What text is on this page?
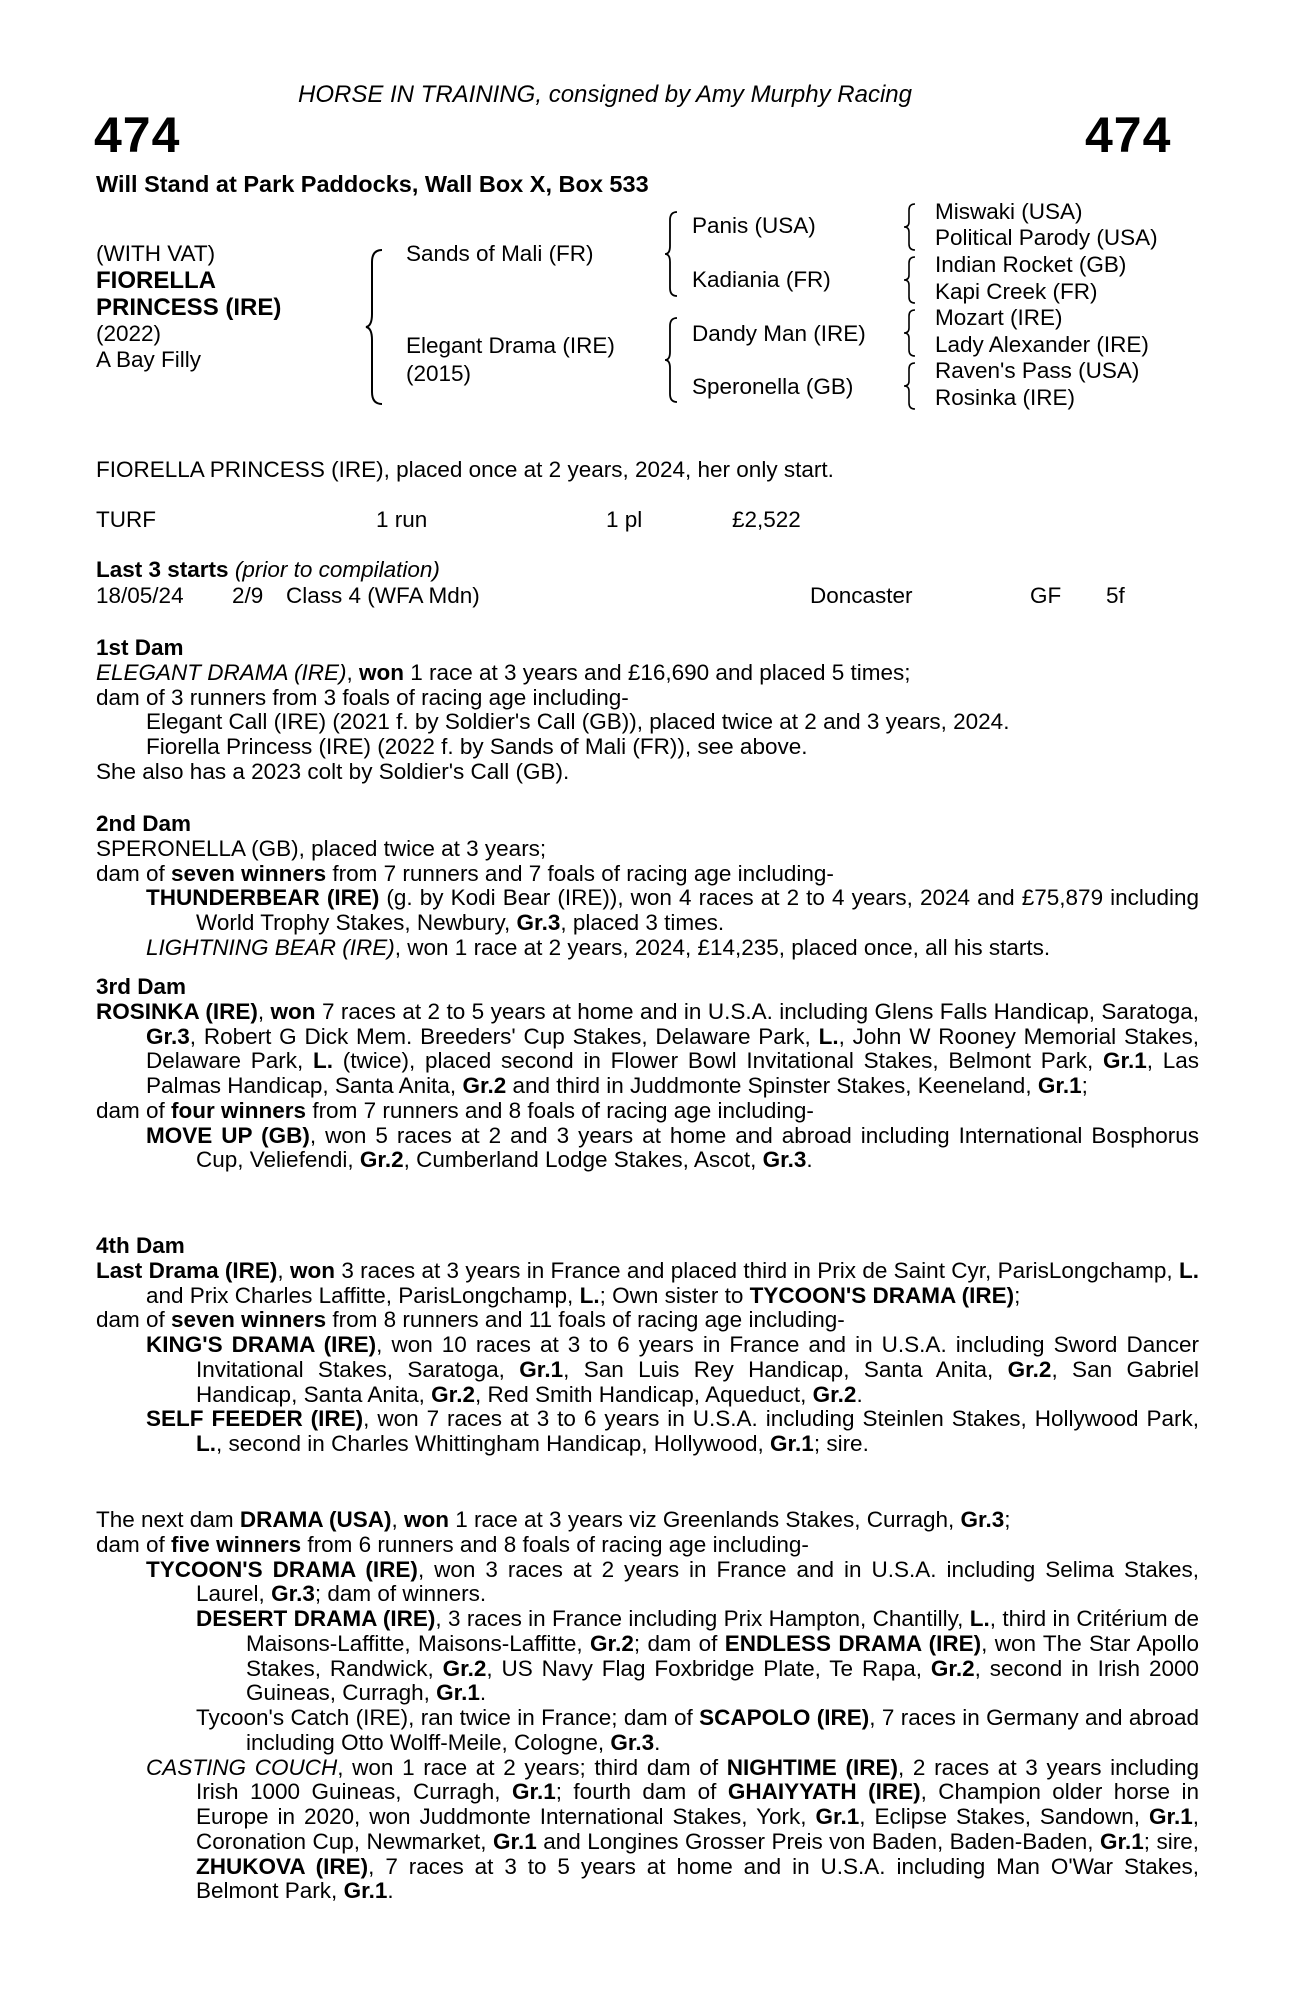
HORSE IN TRAINING, consigned by Amy Murphy Racing
474	474
Will Stand at Park Paddocks, Wall Box X, Box 533
(WITH VAT)
FIORELLA
PRINCESS (IRE)
(2022)
A Bay Filly
Sands of Mali (FR)
Elegant Drama (IRE)
(2015)
Panis (USA)
Kadiania (FR)
Dandy Man (IRE)
Speronella (GB)
Miswaki (USA)
Political Parody (USA)
Indian Rocket (GB)
Kapi Creek (FR)
Mozart (IRE)
Lady Alexander (IRE)
Raven's Pass (USA)
Rosinka (IRE)
FIORELLA PRINCESS (IRE), placed once at 2 years, 2024, her only start.
TURF	1 run	1 pl	£2,522
Last 3 starts (prior to compilation)
18/05/24 2/9 Class 4 (WFA Mdn)	Doncaster	GF 5f

1st Dam

ELEGANT DRAMA (IRE), won 1 race at 3 years and £16,690 and placed 5 times;

dam of 3 runners from 3 foals of racing age including-

Elegant Call (IRE) (2021 f. by Soldier's Call (GB)), placed twice at 2 and 3 years, 2024.

Fiorella Princess (IRE) (2022 f. by Sands of Mali (FR)), see above.

She also has a 2023 colt by Soldier's Call (GB).

2nd Dam

SPERONELLA (GB), placed twice at 3 years;

dam of seven winners from 7 runners and 7 foals of racing age including-

THUNDERBEAR (IRE) (g. by Kodi Bear (IRE)), won 4 races at 2 to 4 years, 2024 and £75,879 including World Trophy Stakes, Newbury, Gr.3, placed 3 times.

LIGHTNING BEAR (IRE), won 1 race at 2 years, 2024, £14,235, placed once, all his starts.

3rd Dam

ROSINKA (IRE), won 7 races at 2 to 5 years at home and in U.S.A. including Glens Falls Handicap, Saratoga, Gr.3, Robert G Dick Mem. Breeders' Cup Stakes, Delaware Park, L., John W Rooney Memorial Stakes, Delaware Park, L. (twice), placed second in Flower Bowl Invitational Stakes, Belmont Park, Gr.1, Las Palmas Handicap, Santa Anita, Gr.2 and third in Juddmonte Spinster Stakes, Keeneland, Gr.1;

dam of four winners from 7 runners and 8 foals of racing age including-

MOVE UP (GB), won 5 races at 2 and 3 years at home and abroad including International Bosphorus Cup, Veliefendi, Gr.2, Cumberland Lodge Stakes, Ascot, Gr.3.

4th Dam

Last Drama (IRE), won 3 races at 3 years in France and placed third in Prix de Saint Cyr, ParisLongchamp, L. and Prix Charles Laffitte, ParisLongchamp, L.; Own sister to TYCOON'S DRAMA (IRE);

dam of seven winners from 8 runners and 11 foals of racing age including-

KING'S DRAMA (IRE), won 10 races at 3 to 6 years in France and in U.S.A. including Sword Dancer Invitational Stakes, Saratoga, Gr.1, San Luis Rey Handicap, Santa Anita, Gr.2, San Gabriel Handicap, Santa Anita, Gr.2, Red Smith Handicap, Aqueduct, Gr.2.

SELF FEEDER (IRE), won 7 races at 3 to 6 years in U.S.A. including Steinlen Stakes, Hollywood Park, L., second in Charles Whittingham Handicap, Hollywood, Gr.1; sire.

The next dam DRAMA (USA), won 1 race at 3 years viz Greenlands Stakes, Curragh, Gr.3;

dam of five winners from 6 runners and 8 foals of racing age including-

TYCOON'S DRAMA (IRE), won 3 races at 2 years in France and in U.S.A. including Selima Stakes, Laurel, Gr.3; dam of winners.

DESERT DRAMA (IRE), 3 races in France including Prix Hampton, Chantilly, L., third in Critérium de Maisons-Laffitte, Maisons-Laffitte, Gr.2; dam of ENDLESS DRAMA (IRE), won The Star Apollo Stakes, Randwick, Gr.2, US Navy Flag Foxbridge Plate, Te Rapa, Gr.2, second in Irish 2000 Guineas, Curragh, Gr.1.

Tycoon's Catch (IRE), ran twice in France; dam of SCAPOLO (IRE), 7 races in Germany and abroad including Otto Wolff-Meile, Cologne, Gr.3.

CASTING COUCH, won 1 race at 2 years; third dam of NIGHTIME (IRE), 2 races at 3 years including Irish 1000 Guineas, Curragh, Gr.1; fourth dam of GHAIYYATH (IRE), Champion older horse in Europe in 2020, won Juddmonte International Stakes, York, Gr.1, Eclipse Stakes, Sandown, Gr.1, Coronation Cup, Newmarket, Gr.1 and Longines Grosser Preis von Baden, Baden-Baden, Gr.1; sire, ZHUKOVA (IRE), 7 races at 3 to 5 years at home and in U.S.A. including Man O'War Stakes, Belmont Park, Gr.1.
